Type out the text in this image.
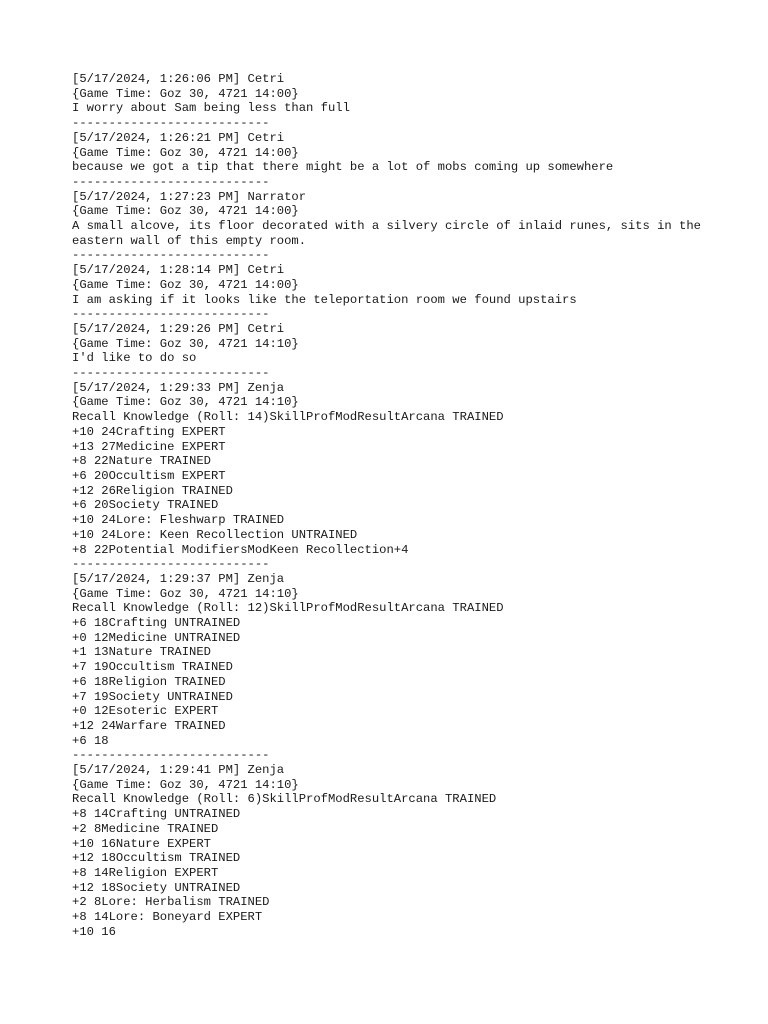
[5/17/2024, 1:26:06 PM] Cetri
{Game Time: Goz 30, 4721 14:00}
I worry about Sam being less than full
---------------------------
[5/17/2024, 1:26:21 PM] Cetri
{Game Time: Goz 30, 4721 14:00}
because we got a tip that there might be a lot of mobs coming up somewhere
---------------------------
[5/17/2024, 1:27:23 PM] Narrator
{Game Time: Goz 30, 4721 14:00}
A small alcove, its floor decorated with a silvery circle of inlaid runes, sits in the eastern wall of this empty room.
---------------------------
[5/17/2024, 1:28:14 PM] Cetri
{Game Time: Goz 30, 4721 14:00}
I am asking if it looks like the teleportation room we found upstairs
---------------------------
[5/17/2024, 1:29:26 PM] Cetri
{Game Time: Goz 30, 4721 14:10}
I'd like to do so
---------------------------
[5/17/2024, 1:29:33 PM] Zenja
{Game Time: Goz 30, 4721 14:10}
Recall Knowledge (Roll: 14)SkillProfModResultArcana TRAINED
+10 24Crafting EXPERT
+13 27Medicine EXPERT
+8 22Nature TRAINED
+6 20Occultism EXPERT
+12 26Religion TRAINED
+6 20Society TRAINED
+10 24Lore: Fleshwarp TRAINED
+10 24Lore: Keen Recollection UNTRAINED
+8 22Potential ModifiersModKeen Recollection+4
---------------------------
[5/17/2024, 1:29:37 PM] Zenja
{Game Time: Goz 30, 4721 14:10}
Recall Knowledge (Roll: 12)SkillProfModResultArcana TRAINED
+6 18Crafting UNTRAINED
+0 12Medicine UNTRAINED
+1 13Nature TRAINED
+7 19Occultism TRAINED
+6 18Religion TRAINED
+7 19Society UNTRAINED
+0 12Esoteric EXPERT
+12 24Warfare TRAINED
+6 18
---------------------------
[5/17/2024, 1:29:41 PM] Zenja
{Game Time: Goz 30, 4721 14:10}
Recall Knowledge (Roll: 6)SkillProfModResultArcana TRAINED
+8 14Crafting UNTRAINED
+2 8Medicine TRAINED
+10 16Nature EXPERT
+12 18Occultism TRAINED
+8 14Religion EXPERT
+12 18Society UNTRAINED
+2 8Lore: Herbalism TRAINED
+8 14Lore: Boneyard EXPERT
+10 16
